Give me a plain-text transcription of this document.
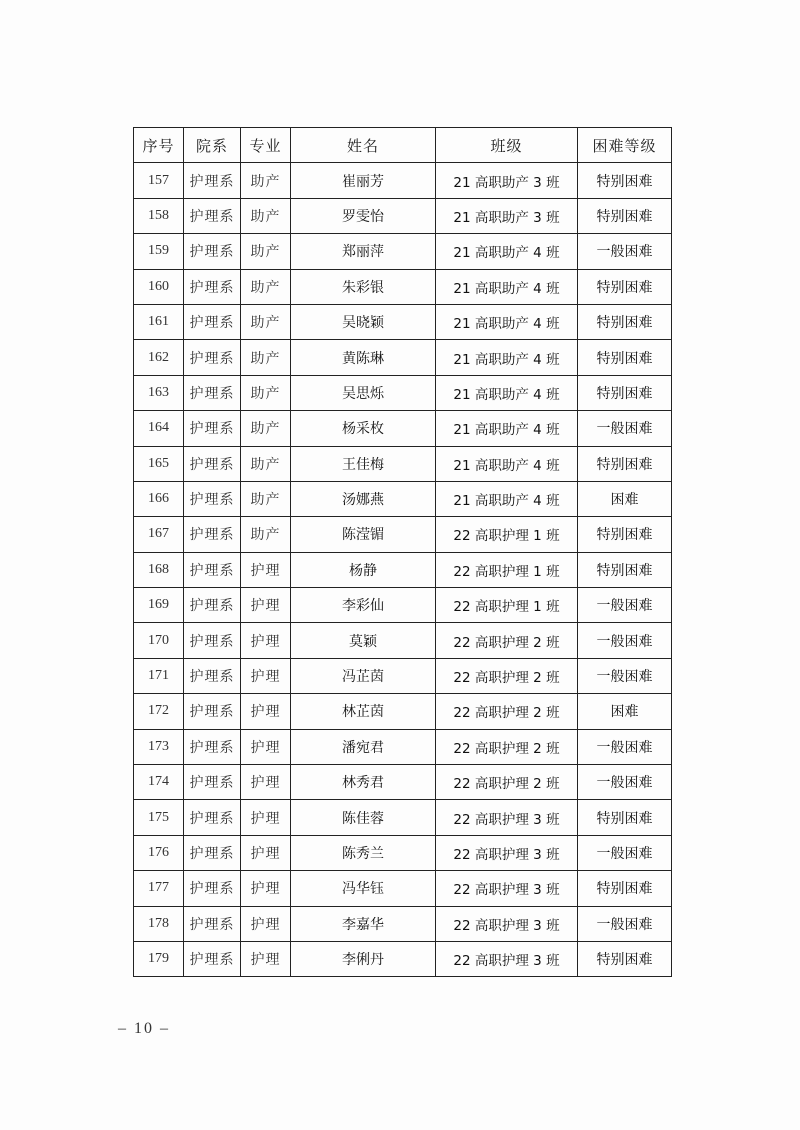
序号	院系	专业	姓名	班级	困难等级
157	护理系	助产	崔丽芳	21 高职助产 3 班	特别困难
158	护理系	助产	罗雯怡	21 高职助产 3 班	特别困难
159	护理系	助产	郑丽萍	21 高职助产 4 班	一般困难
160	护理系	助产	朱彩银	21 高职助产 4 班	特别困难
161	护理系	助产	吴晓颖	21 高职助产 4 班	特别困难
162	护理系	助产	黄陈琳	21 高职助产 4 班	特别困难
163	护理系	助产	吴思烁	21 高职助产 4 班	特别困难
164	护理系	助产	杨采枚	21 高职助产 4 班	一般困难
165	护理系	助产	王佳梅	21 高职助产 4 班	特别困难
166	护理系	助产	汤娜燕	21 高职助产 4 班	困难
167	护理系	助产	陈滢镅	22 高职护理 1 班	特别困难
168	护理系	护理	杨静	22 高职护理 1 班	特别困难
169	护理系	护理	李彩仙	22 高职护理 1 班	一般困难
170	护理系	护理	莫颖	22 高职护理 2 班	一般困难
171	护理系	护理	冯芷茵	22 高职护理 2 班	一般困难
172	护理系	护理	林芷茵	22 高职护理 2 班	困难
173	护理系	护理	潘宛君	22 高职护理 2 班	一般困难
174	护理系	护理	林秀君	22 高职护理 2 班	一般困难
175	护理系	护理	陈佳蓉	22 高职护理 3 班	特别困难
176	护理系	护理	陈秀兰	22 高职护理 3 班	一般困难
177	护理系	护理	冯华钰	22 高职护理 3 班	特别困难
178	护理系	护理	李嘉华	22 高职护理 3 班	一般困难
179	护理系	护理	李俐丹	22 高职护理 3 班	特别困难
– 10 –
